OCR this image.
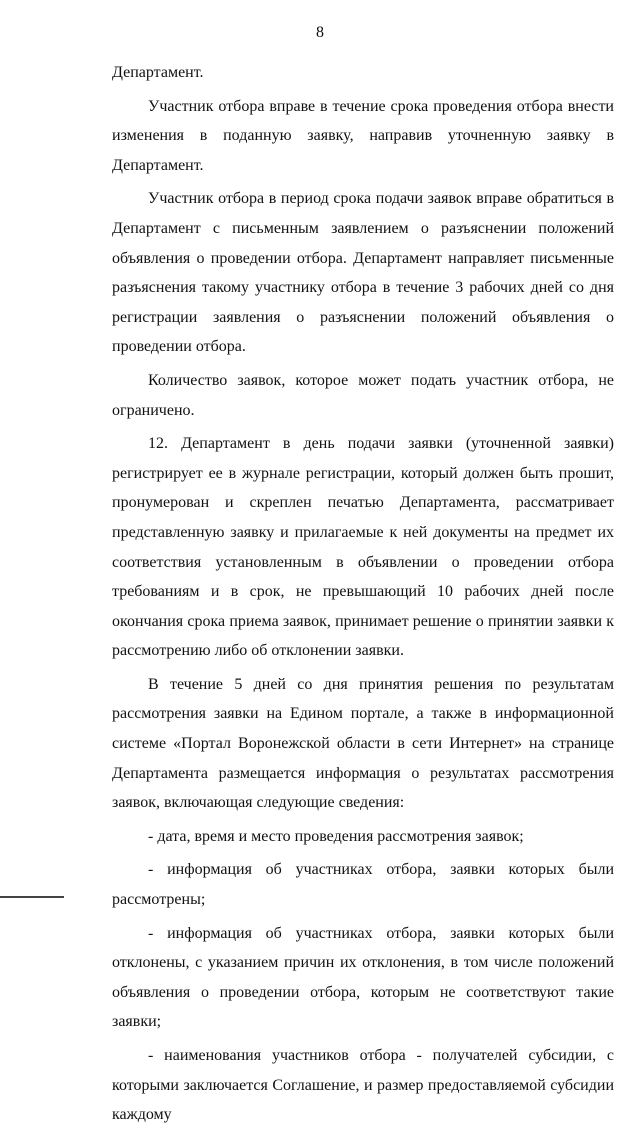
8

Департамент.

Участник отбора вправе в течение срока проведения отбора внести изменения в поданную заявку, направив уточненную заявку в Департамент.

Участник отбора в период срока подачи заявок вправе обратиться в Департамент с письменным заявлением о разъяснении положений объявления о проведении отбора. Департамент направляет письменные разъяснения такому участнику отбора в течение 3 рабочих дней со дня регистрации заявления о разъяснении положений объявления о проведении отбора.

Количество заявок, которое может подать участник отбора, не ограничено.

12. Департамент в день подачи заявки (уточненной заявки) регистрирует ее в журнале регистрации, который должен быть прошит, пронумерован и скреплен печатью Департамента, рассматривает представленную заявку и прилагаемые к ней документы на предмет их соответствия установленным в объявлении о проведении отбора требованиям и в срок, не превышающий 10 рабочих дней после окончания срока приема заявок, принимает решение о принятии заявки к рассмотрению либо об отклонении заявки.

В течение 5 дней со дня принятия решения по результатам рассмотрения заявки на Едином портале, а также в информационной системе «Портал Воронежской области в сети Интернет» на странице Департамента размещается информация о результатах рассмотрения заявок, включающая следующие сведения:

- дата, время и место проведения рассмотрения заявок;

- информация об участниках отбора, заявки которых были рассмотрены;

- информация об участниках отбора, заявки которых были отклонены, с указанием причин их отклонения, в том числе положений объявления о проведении отбора, которым не соответствуют такие заявки;

- наименования участников отбора - получателей субсидии, с которыми заключается Соглашение, и размер предоставляемой субсидии каждому
